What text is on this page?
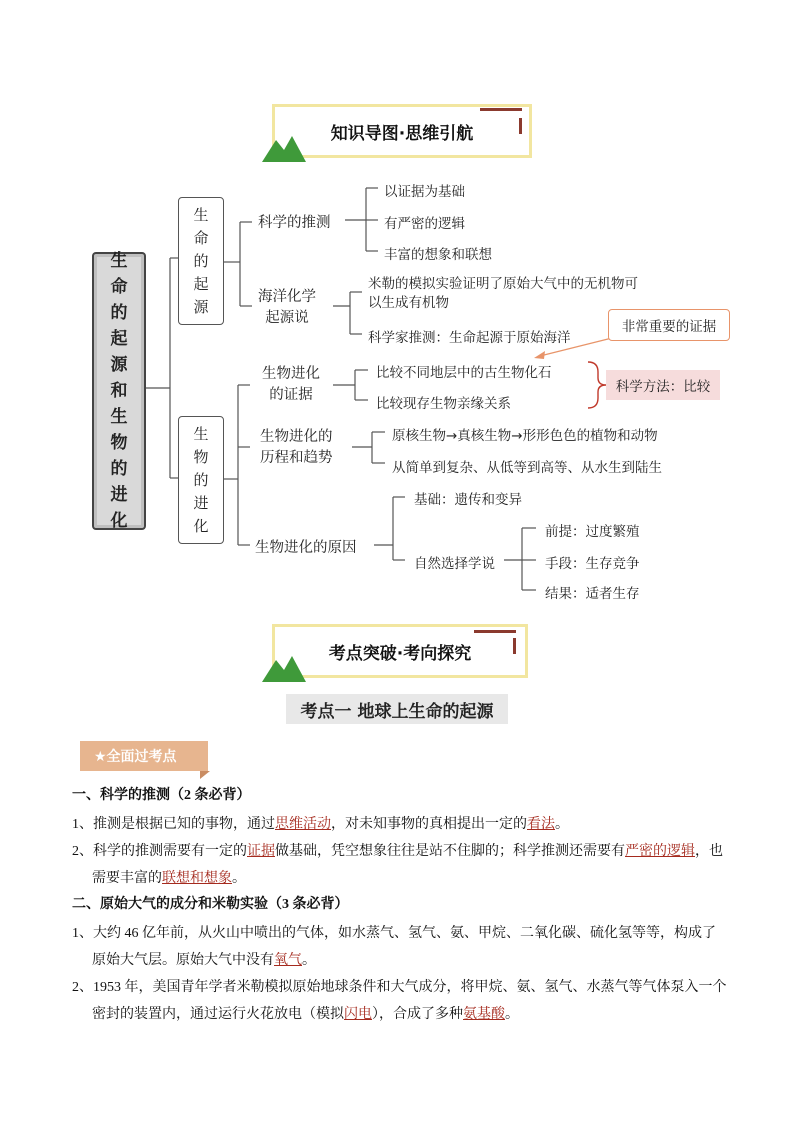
知识导图·思维引航
生命的起源和生物的进化
生命的起源
科学的推测
以证据为基础
有严密的逻辑
丰富的想象和联想
海洋化学
起源说
米勒的模拟实验证明了原始大气中的无机物可
以生成有机物
科学家推测：生命起源于原始海洋
非常重要的证据
生物的进化
生物进化
的证据
比较不同地层中的古生物化石
比较现存生物亲缘关系
科学方法：比较
生物进化的
历程和趋势
原核生物→真核生物→形形色色的植物和动物
从简单到复杂、从低等到高等、从水生到陆生
生物进化的原因
基础：遗传和变异
自然选择学说
前提：过度繁殖
手段：生存竞争
结果：适者生存
考点突破·考向探究
考点一 地球上生命的起源
★全面过考点
一、科学的推测（2 条必背）
1、推测是根据已知的事物，通过思维活动，对未知事物的真相提出一定的看法。
2、科学的推测需要有一定的证据做基础，凭空想象往往是站不住脚的；科学推测还需要有严密的逻辑，也
需要丰富的联想和想象。
二、原始大气的成分和米勒实验（3 条必背）
1、大约 46 亿年前，从火山中喷出的气体，如水蒸气、氢气、氨、甲烷、二氧化碳、硫化氢等等，构成了
原始大气层。原始大气中没有氧气。
2、1953 年，美国青年学者米勒模拟原始地球条件和大气成分，将甲烷、氨、氢气、水蒸气等气体泵入一个
密封的装置内，通过运行火花放电（模拟闪电），合成了多种氨基酸。
